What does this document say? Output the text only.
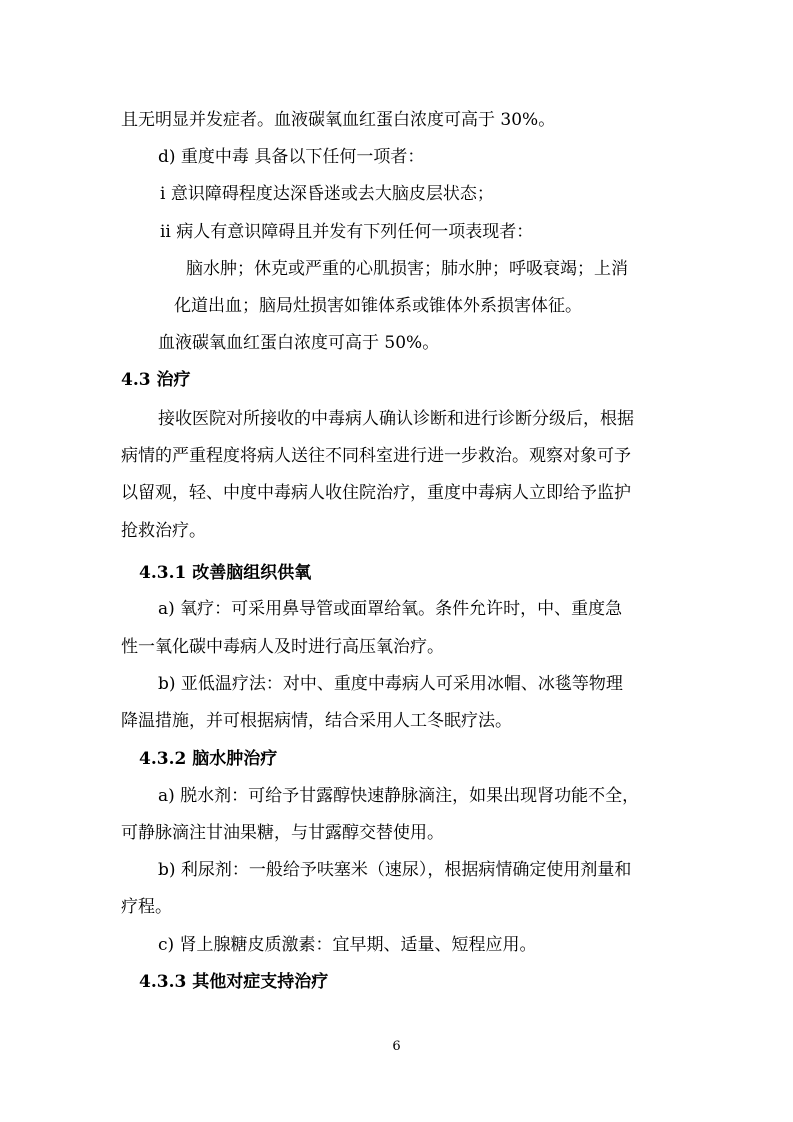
且无明显并发症者。血液碳氧血红蛋白浓度可高于 30%。
d) 重度中毒 具备以下任何一项者：
i 意识障碍程度达深昏迷或去大脑皮层状态；
ii 病人有意识障碍且并发有下列任何一项表现者：
脑水肿；休克或严重的心肌损害；肺水肿；呼吸衰竭；上消
化道出血；脑局灶损害如锥体系或锥体外系损害体征。
血液碳氧血红蛋白浓度可高于 50%。
4.3 治疗
接收医院对所接收的中毒病人确认诊断和进行诊断分级后，根据
病情的严重程度将病人送往不同科室进行进一步救治。观察对象可予
以留观，轻、中度中毒病人收住院治疗，重度中毒病人立即给予监护
抢救治疗。
4.3.1 改善脑组织供氧
a) 氧疗：可采用鼻导管或面罩给氧。条件允许时，中、重度急
性一氧化碳中毒病人及时进行高压氧治疗。
b) 亚低温疗法：对中、重度中毒病人可采用冰帽、冰毯等物理
降温措施，并可根据病情，结合采用人工冬眠疗法。
4.3.2 脑水肿治疗
a) 脱水剂：可给予甘露醇快速静脉滴注，如果出现肾功能不全，
可静脉滴注甘油果糖，与甘露醇交替使用。
b) 利尿剂：一般给予呋塞米（速尿），根据病情确定使用剂量和
疗程。
c) 肾上腺糖皮质激素：宜早期、适量、短程应用。
4.3.3 其他对症支持治疗
6
